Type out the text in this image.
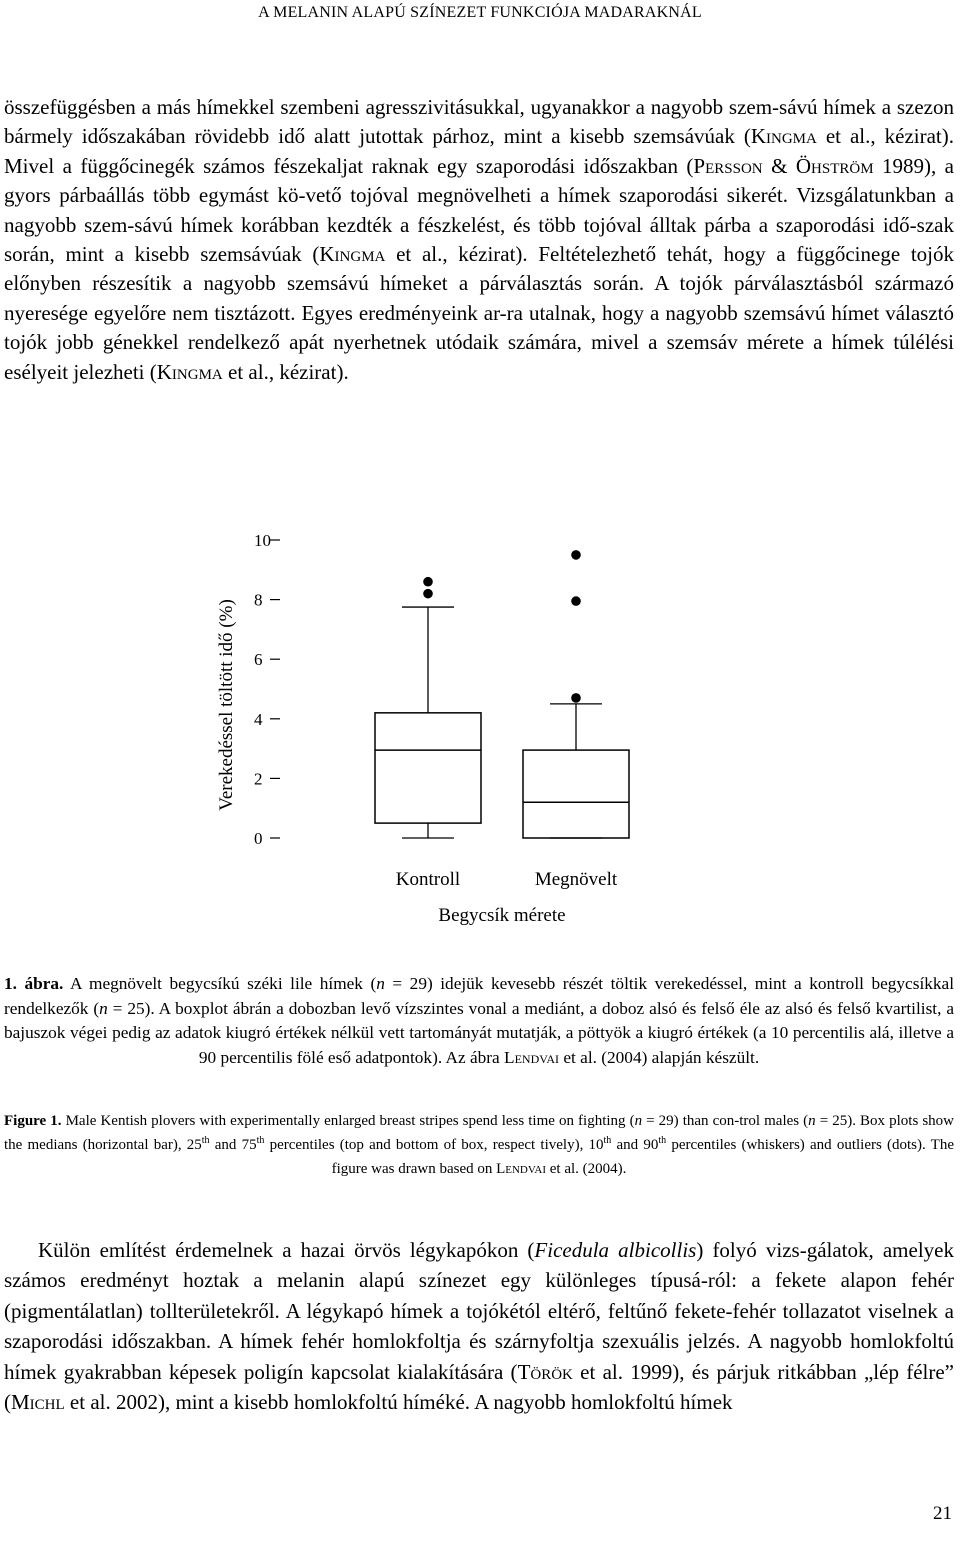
A MELANIN ALAPÚ SZÍNEZET FUNKCIÓJA MADARAKNÁL

összefüggésben a más hímekkel szembeni agresszivitásukkal, ugyanakkor a nagyobb szem-sávú hímek a szezon bármely időszakában rövidebb idő alatt jutottak párhoz, mint a kisebb szemsávúak (Kingma et al., kézirat). Mivel a függőcinegék számos fészekaljat raknak egy szaporodási időszakban (Persson & Öhström 1989), a gyors párbaállás több egymást kö-vető tojóval megnövelheti a hímek szaporodási sikerét. Vizsgálatunkban a nagyobb szem-sávú hímek korábban kezdték a fészkelést, és több tojóval álltak párba a szaporodási idő-szak során, mint a kisebb szemsávúak (Kingma et al., kézirat). Feltételezhető tehát, hogy a függőcinege tojók előnyben részesítik a nagyobb szemsávú hímeket a párválasztás során. A tojók párválasztásból származó nyeresége egyelőre nem tisztázott. Egyes eredményeink ar-ra utalnak, hogy a nagyobb szemsávú hímet választó tojók jobb génekkel rendelkező apát nyerhetnek utódaik számára, mivel a szemsáv mérete a hímek túlélési esélyeit jelezheti (Kingma et al., kézirat).

0
2
4
6
8
10
Kontroll	Megnövelt
Verekedéssel töltött idő (%)
Begycsík mérete

1. ábra. A megnövelt begycsíkú széki lile hímek (n = 29) idejük kevesebb részét töltik verekedéssel, mint a kontroll begycsíkkal rendelkezők (n = 25). A boxplot ábrán a dobozban levő vízszintes vonal a mediánt, a doboz alsó és felső éle az alsó és felső kvartilist, a bajuszok végei pedig az adatok kiugró értékek nélkül vett tartományát mutatják, a pöttyök a kiugró értékek (a 10 percentilis alá, illetve a 90 percentilis fölé eső adatpontok). Az ábra Lendvai et al. (2004) alapján készült.

Figure 1. Male Kentish plovers with experimentally enlarged breast stripes spend less time on fighting (n = 29) than con-trol males (n = 25). Box plots show the medians (horizontal bar), 25th and 75th percentiles (top and bottom of box, respect tively), 10th and 90th percentiles (whiskers) and outliers (dots). The figure was drawn based on Lendvai et al. (2004).

Külön említést érdemelnek a hazai örvös légykapókon (Ficedula albicollis) folyó vizs-gálatok, amelyek számos eredményt hoztak a melanin alapú színezet egy különleges típusá-ról: a fekete alapon fehér (pigmentálatlan) tollterületekről. A légykapó hímek a tojókétól eltérő, feltűnő fekete-fehér tollazatot viselnek a szaporodási időszakban. A hímek fehér homlokfoltja és szárnyfoltja szexuális jelzés. A nagyobb homlokfoltú hímek gyakrabban képesek poligín kapcsolat kialakítására (Török et al. 1999), és párjuk ritkábban „lép félre” (Michl et al. 2002), mint a kisebb homlokfoltú híméké. A nagyobb homlokfoltú hímek

21
